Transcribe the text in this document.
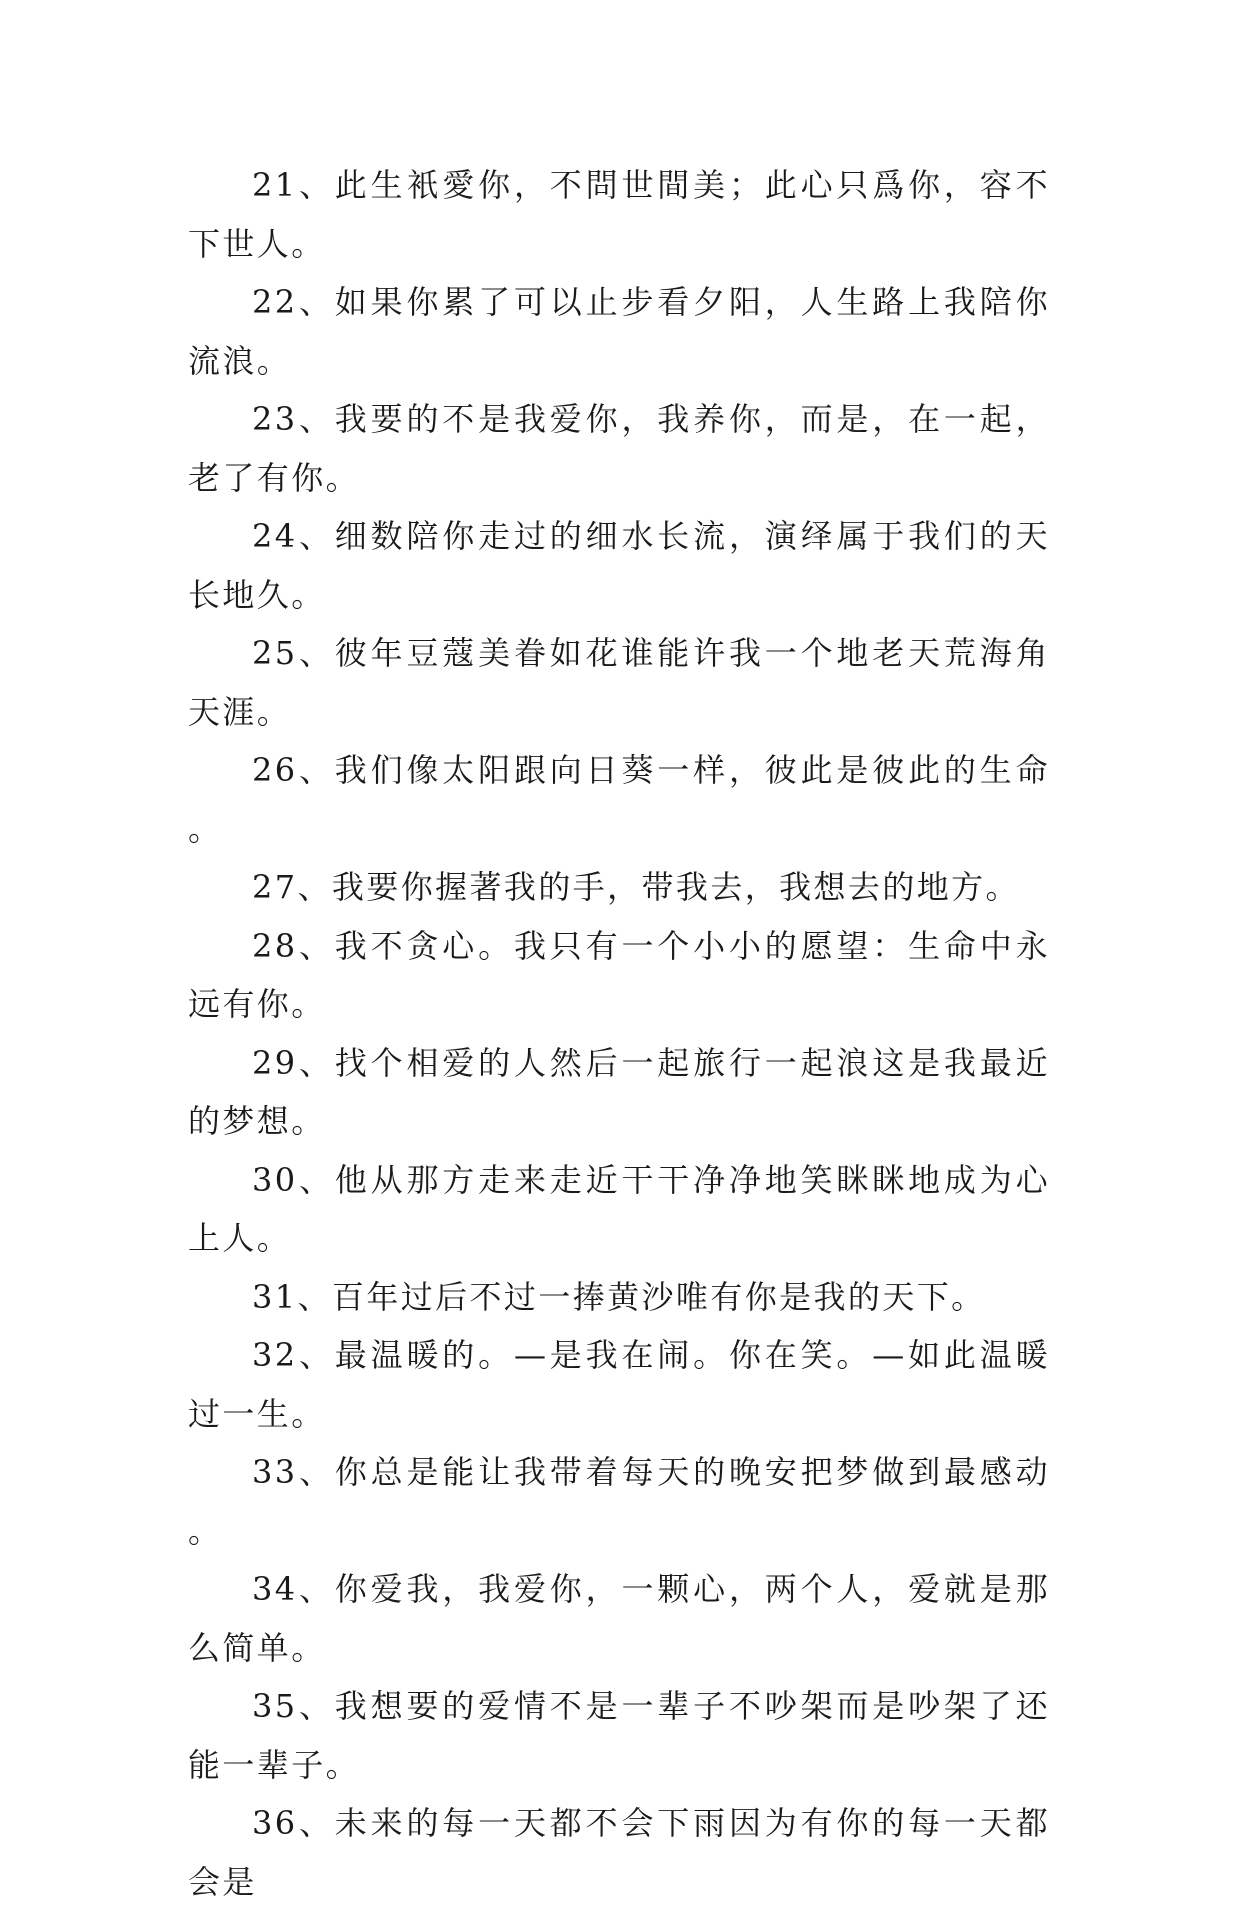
21、此生衹愛你，不問世間美；此心只爲你，容不下世人。

22、如果你累了可以止步看夕阳，人生路上我陪你流浪。

23、我要的不是我爱你，我养你，而是，在一起，老了有你。

24、细数陪你走过的细水长流，演绎属于我们的天长地久。

25、彼年豆蔻美眷如花谁能许我一个地老天荒海角天涯。

26、我们像太阳跟向日葵一样，彼此是彼此的生命。

27、我要你握著我的手，带我去，我想去的地方。

28、我不贪心。我只有一个小小的愿望：生命中永远有你。

29、找个相爱的人然后一起旅行一起浪这是我最近的梦想。

30、他从那方走来走近干干净净地笑眯眯地成为心上人。

31、百年过后不过一捧黄沙唯有你是我的天下。

32、最温暖的。—是我在闹。你在笑。—如此温暖过一生。

33、你总是能让我带着每天的晚安把梦做到最感动。

34、你爱我，我爱你，一颗心，两个人，爱就是那么简单。

35、我想要的爱情不是一辈子不吵架而是吵架了还能一辈子。

36、未来的每一天都不会下雨因为有你的每一天都会是
